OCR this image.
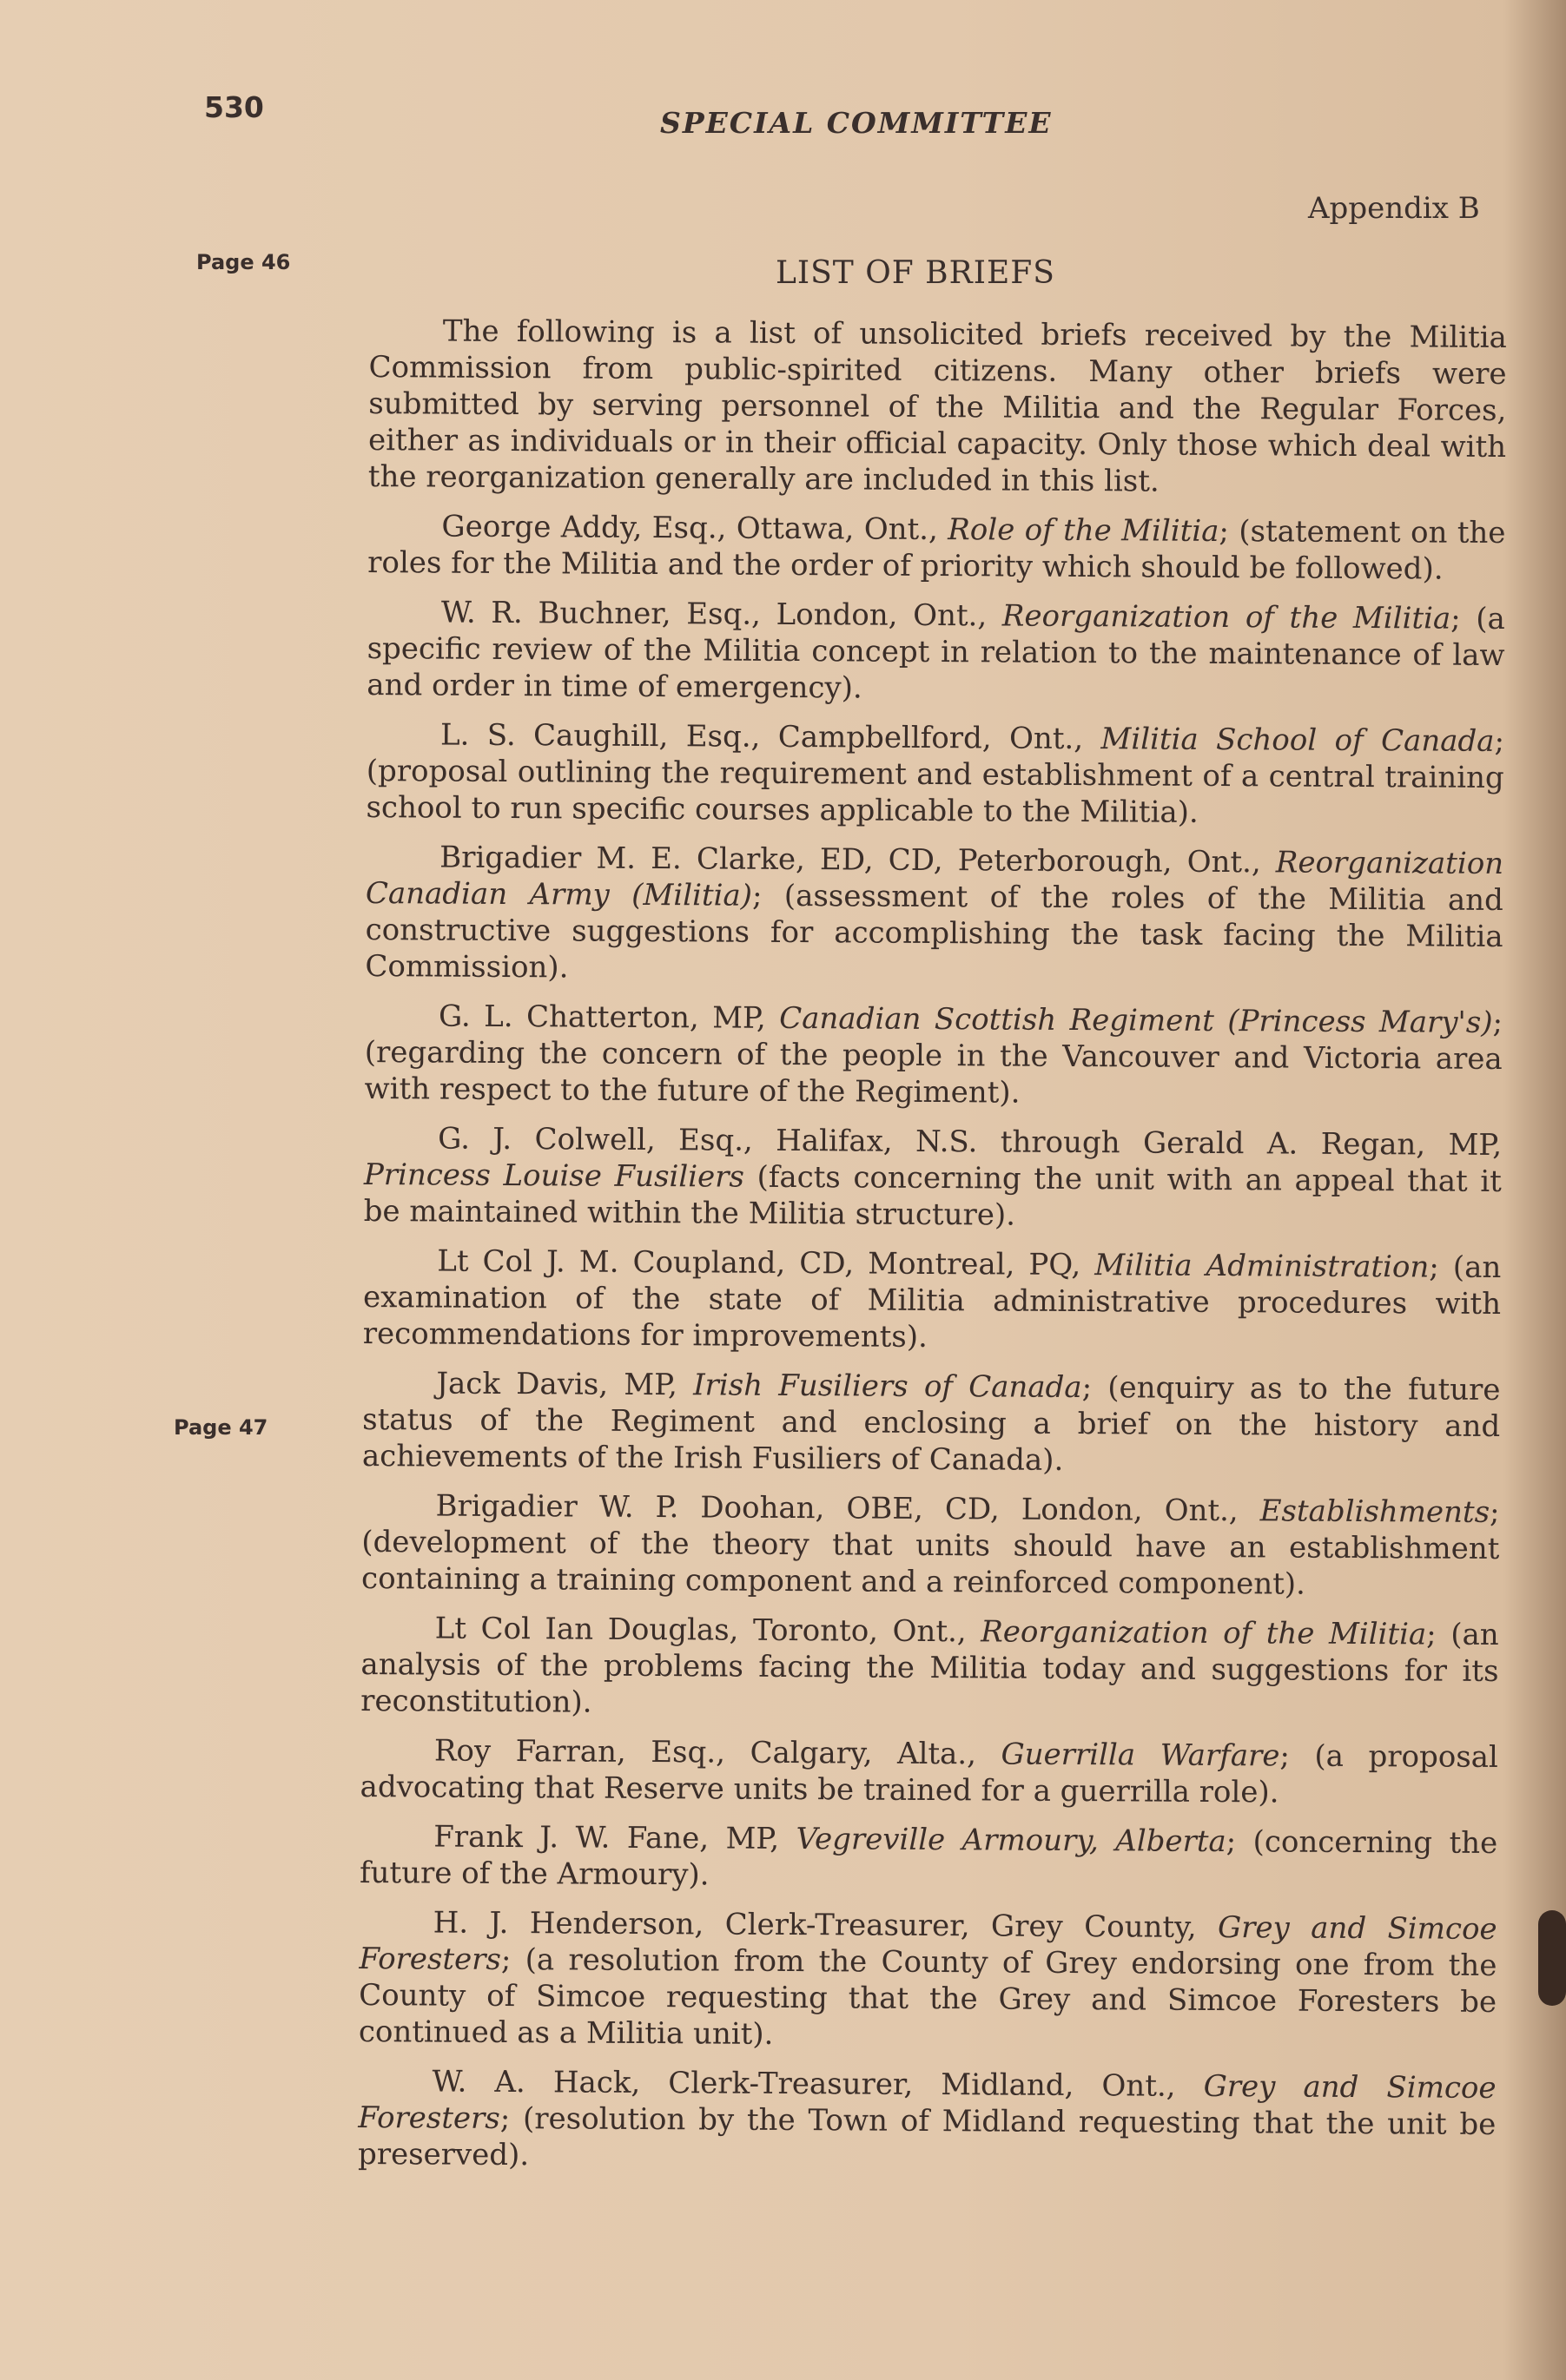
530	SPECIAL COMMITTEE
Appendix B
Page 46	LIST OF BRIEFS
Page 47

The following is a list of unsolicited briefs received by the Militia Commission from public-spirited citizens. Many other briefs were submitted by serving personnel of the Militia and the Regular Forces, either as individuals or in their official capacity. Only those which deal with the reorganization generally are included in this list.

George Addy, Esq., Ottawa, Ont., Role of the Militia; (statement on the roles for the Militia and the order of priority which should be followed).

W. R. Buchner, Esq., London, Ont., Reorganization of the Militia; (a specific review of the Militia concept in relation to the maintenance of law and order in time of emergency).

L. S. Caughill, Esq., Campbellford, Ont., Militia School of Canada; (proposal outlining the requirement and establishment of a central training school to run specific courses applicable to the Militia).

Brigadier M. E. Clarke, ED, CD, Peterborough, Ont., Reorganization Canadian Army (Militia); (assessment of the roles of the Militia and constructive suggestions for accomplishing the task facing the Militia Commission).

G. L. Chatterton, MP, Canadian Scottish Regiment (Princess Mary's); (regarding the concern of the people in the Vancouver and Victoria area with respect to the future of the Regiment).

G. J. Colwell, Esq., Halifax, N.S. through Gerald A. Regan, MP, Princess Louise Fusiliers (facts concerning the unit with an appeal that it be maintained within the Militia structure).

Lt Col J. M. Coupland, CD, Montreal, PQ, Militia Administration; (an examination of the state of Militia administrative procedures with recommendations for improvements).

Jack Davis, MP, Irish Fusiliers of Canada; (enquiry as to the future status of the Regiment and enclosing a brief on the history and achievements of the Irish Fusiliers of Canada).

Brigadier W. P. Doohan, OBE, CD, London, Ont., Establishments; (development of the theory that units should have an establishment containing a training component and a reinforced component).

Lt Col Ian Douglas, Toronto, Ont., Reorganization of the Militia; (an analysis of the problems facing the Militia today and suggestions for its reconstitution).

Roy Farran, Esq., Calgary, Alta., Guerrilla Warfare; (a proposal advocating that Reserve units be trained for a guerrilla role).

Frank J. W. Fane, MP, Vegreville Armoury, Alberta; (concerning the future of the Armoury).

H. J. Henderson, Clerk-Treasurer, Grey County, Grey and Simcoe Foresters; (a resolution from the County of Grey endorsing one from the County of Simcoe requesting that the Grey and Simcoe Foresters be continued as a Militia unit).

W. A. Hack, Clerk-Treasurer, Midland, Ont., Grey and Simcoe Foresters; (resolution by the Town of Midland requesting that the unit be preserved).
